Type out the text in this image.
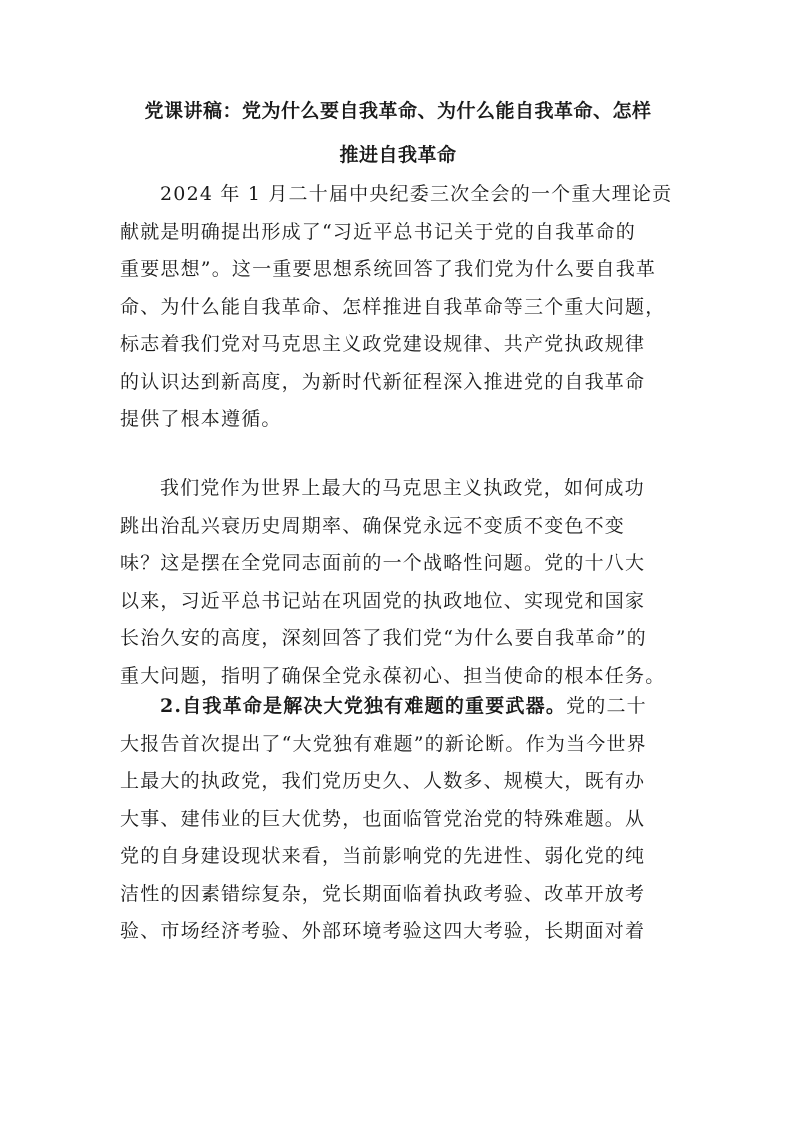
党课讲稿：党为什么要自我革命、为什么能自我革命、怎样
推进自我革命
2024 年 1 月二十届中央纪委三次全会的一个重大理论贡
献就是明确提出形成了“习近平总书记关于党的自我革命的
重要思想”。这一重要思想系统回答了我们党为什么要自我革
命、为什么能自我革命、怎样推进自我革命等三个重大问题，
标志着我们党对马克思主义政党建设规律、共产党执政规律
的认识达到新高度，为新时代新征程深入推进党的自我革命
提供了根本遵循。
我们党作为世界上最大的马克思主义执政党，如何成功
跳出治乱兴衰历史周期率、确保党永远不变质不变色不变
味？这是摆在全党同志面前的一个战略性问题。党的十八大
以来，习近平总书记站在巩固党的执政地位、实现党和国家
长治久安的高度，深刻回答了我们党“为什么要自我革命”的
重大问题，指明了确保全党永葆初心、担当使命的根本任务。
2.自我革命是解决大党独有难题的重要武器。党的二十
大报告首次提出了“大党独有难题”的新论断。作为当今世界
上最大的执政党，我们党历史久、人数多、规模大，既有办
大事、建伟业的巨大优势，也面临管党治党的特殊难题。从
党的自身建设现状来看，当前影响党的先进性、弱化党的纯
洁性的因素错综复杂，党长期面临着执政考验、改革开放考
验、市场经济考验、外部环境考验这四大考验，长期面对着
